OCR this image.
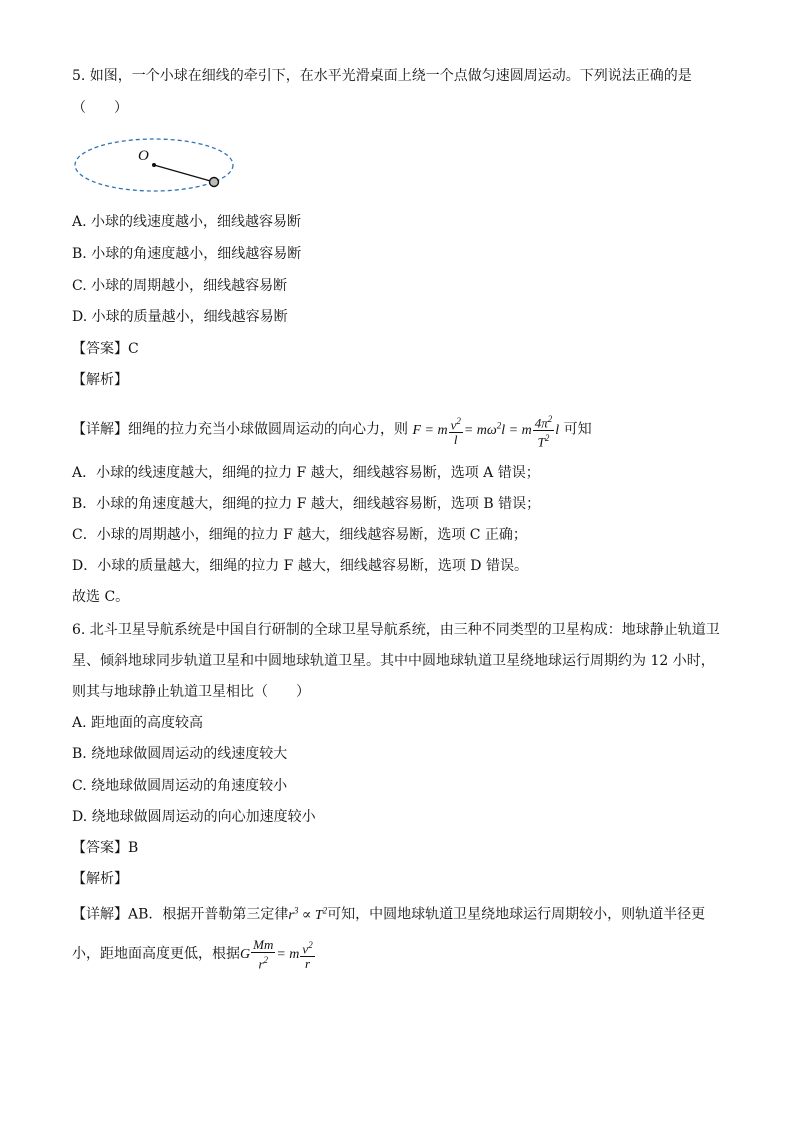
5. 如图，一个小球在细线的牵引下，在水平光滑桌面上绕一个点做匀速圆周运动。下列说法正确的是
（　　）
O
A. 小球的线速度越小，细线越容易断
B. 小球的角速度越小，细线越容易断
C. 小球的周期越小，细线越容易断
D. 小球的质量越小，细线越容易断
【答案】C
【解析】
【详解】细绳的拉力充当小球做圆周运动的向心力，则 F = m $\frac{v^2}{l} = m\omega^2l = m \frac{4\pi^2}{T^2}$ l 可知
A．小球的线速度越大，细绳的拉力 F 越大，细线越容易断，选项 A 错误；
B．小球的角速度越大，细绳的拉力 F 越大，细线越容易断，选项 B 错误；
C．小球的周期越小，细绳的拉力 F 越大，细线越容易断，选项 C 正确；
D．小球的质量越大，细绳的拉力 F 越大，细线越容易断，选项 D 错误。
故选 C。
6. 北斗卫星导航系统是中国自行研制的全球卫星导航系统，由三种不同类型的卫星构成：地球静止轨道卫
星、倾斜地球同步轨道卫星和中圆地球轨道卫星。其中中圆地球轨道卫星绕地球运行周期约为 12 小时，
则其与地球静止轨道卫星相比（　　）
A. 距地面的高度较高
B. 绕地球做圆周运动的线速度较大
C. 绕地球做圆周运动的角速度较小
D. 绕地球做圆周运动的向心加速度较小
【答案】B
【解析】
【详解】AB．根据开普勒第三定律$r^3 \propto T^2$可知，中圆地球轨道卫星绕地球运行周期较小，则轨道半径更
小，距地面高度更低，根据G $\frac{Mm}{r^2} = m \frac{v^2}{r}$
